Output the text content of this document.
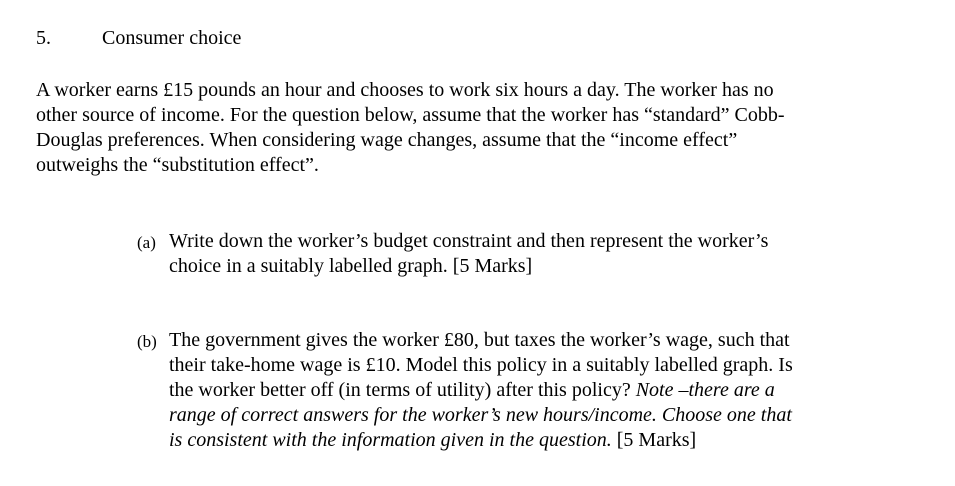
5.	Consumer choice
A worker earns £15 pounds an hour and chooses to work six hours a day. The worker has no
other source of income. For the question below, assume that the worker has “standard” Cobb-
Douglas preferences. When considering wage changes, assume that the “income effect”
outweighs the “substitution effect”.
(a) Write down the worker’s budget constraint and then represent the worker’s
choice in a suitably labelled graph. [5 Marks]
(b) The government gives the worker £80, but taxes the worker’s wage, such that
their take-home wage is £10. Model this policy in a suitably labelled graph. Is
the worker better off (in terms of utility) after this policy? Note –there are a
range of correct answers for the worker’s new hours/income. Choose one that
is consistent with the information given in the question. [5 Marks]
